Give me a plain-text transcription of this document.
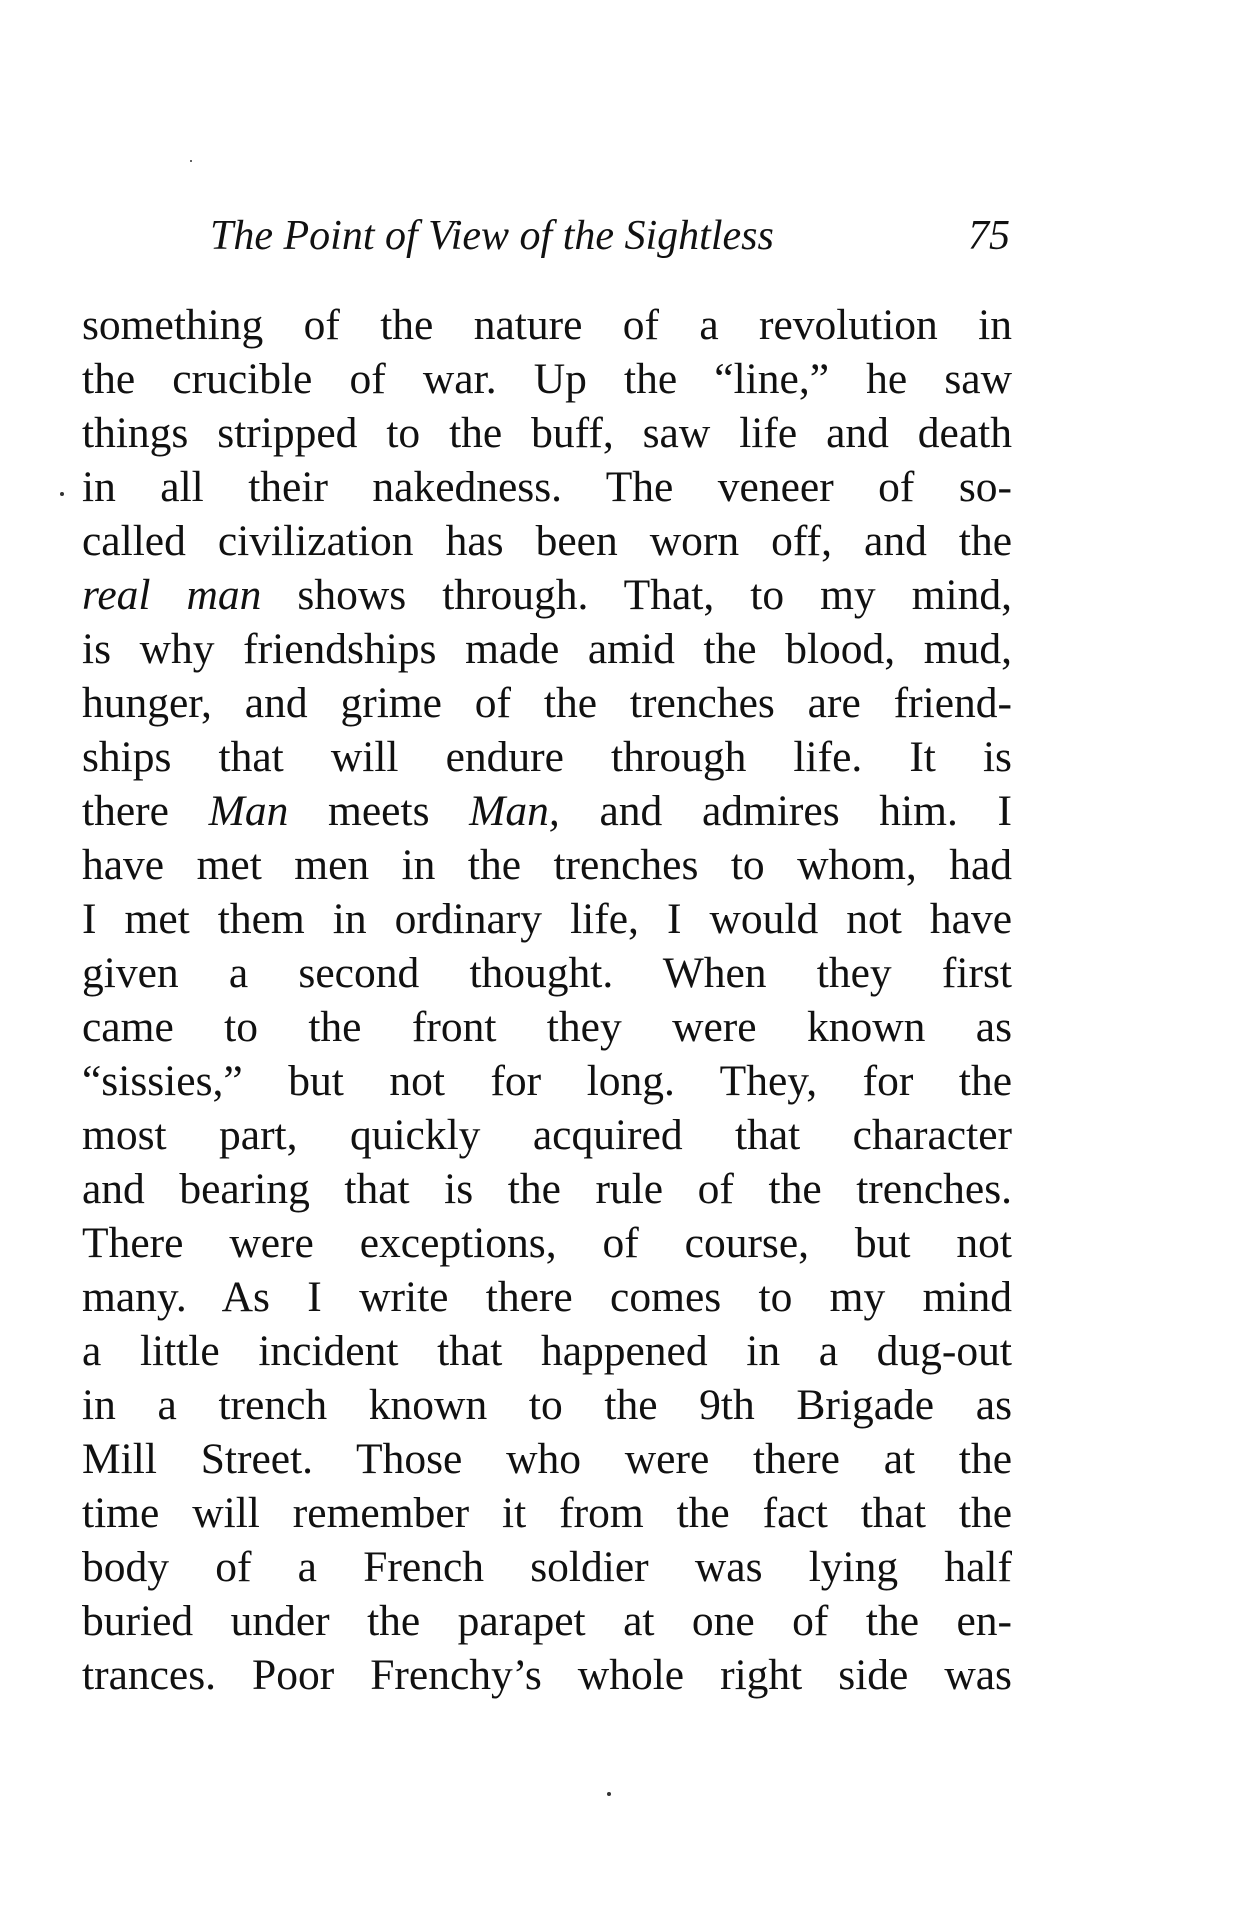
The Point of View of the Sightless	75
something of the nature of a revolution in
the crucible of war. Up the “line,” he saw
things stripped to the buff, saw life and death
in all their nakedness. The veneer of so-
called civilization has been worn off, and the
real man shows through. That, to my mind,
is why friendships made amid the blood, mud,
hunger, and grime of the trenches are friend-
ships that will endure through life. It is
there Man meets Man, and admires him. I
have met men in the trenches to whom, had
I met them in ordinary life, I would not have
given a second thought. When they first
came to the front they were known as
“sissies,” but not for long. They, for the
most part, quickly acquired that character
and bearing that is the rule of the trenches.
There were exceptions, of course, but not
many. As I write there comes to my mind
a little incident that happened in a dug-out
in a trench known to the 9th Brigade as
Mill Street. Those who were there at the
time will remember it from the fact that the
body of a French soldier was lying half
buried under the parapet at one of the en-
trances. Poor Frenchy’s whole right side was
